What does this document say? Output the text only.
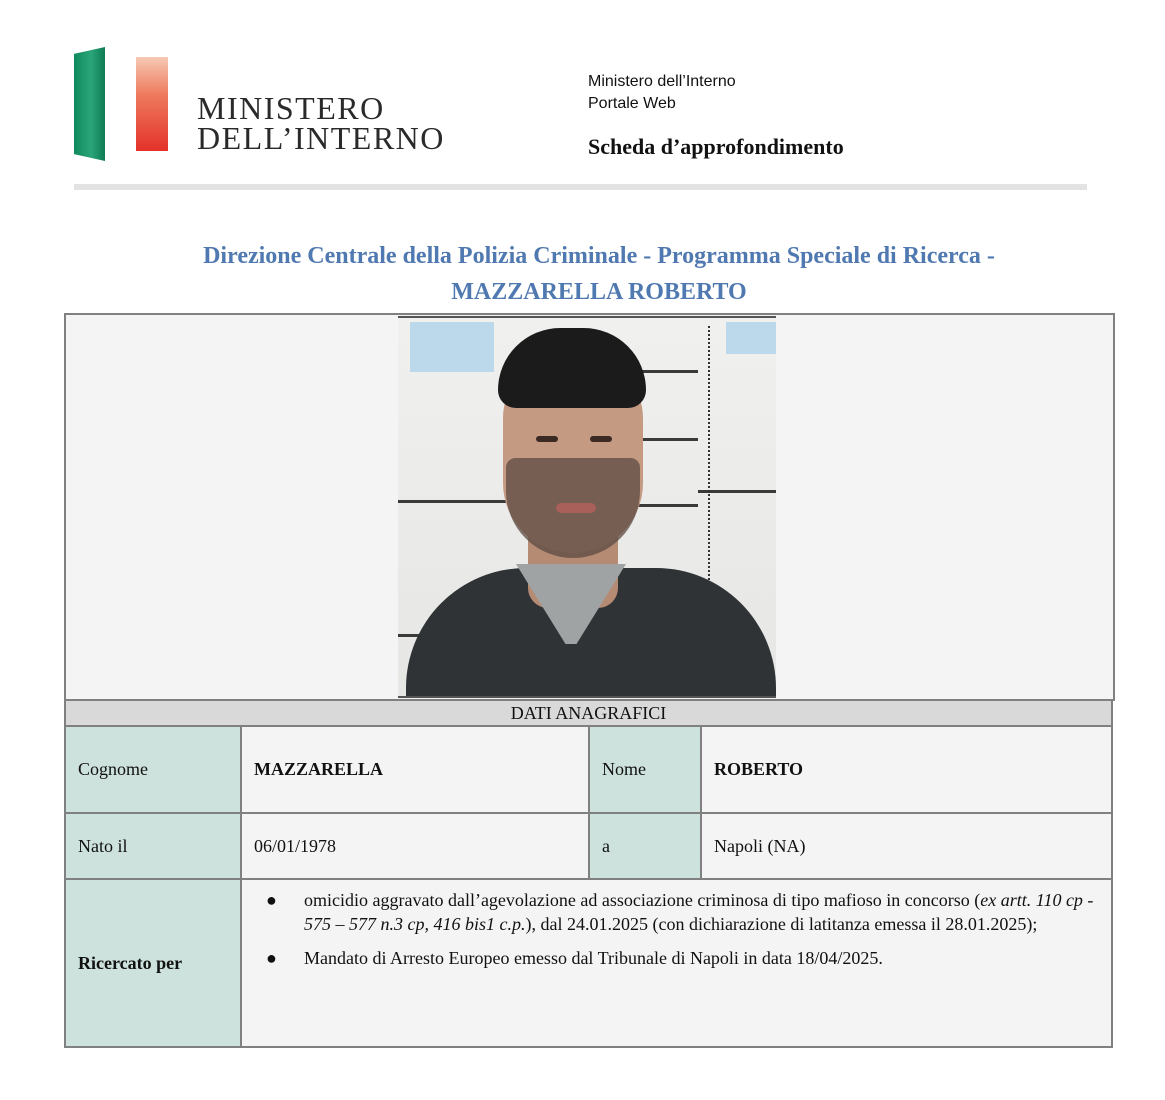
MINISTERO
DELL’INTERNO
Ministero dell’Interno
Portale Web
Scheda d’approfondimento
Direzione Centrale della Polizia Criminale - Programma Speciale di Ricerca -
MAZZARELLA ROBERTO
DATI ANAGRAFICI			
Cognome	MAZZARELLA	Nome	ROBERTO
Nato il	06/01/1978	a	Napoli (NA)
Ricercato per	
● omicidio aggravato dall’agevolazione ad associazione criminosa di tipo mafioso in concorso (ex artt. 110 cp - 575 – 577 n.3 cp, 416 bis1 c.p.), dal 24.01.2025 (con dichiarazione di latitanza emessa il 28.01.2025);
● Mandato di Arresto Europeo emesso dal Tribunale di Napoli in data 18/04/2025.
